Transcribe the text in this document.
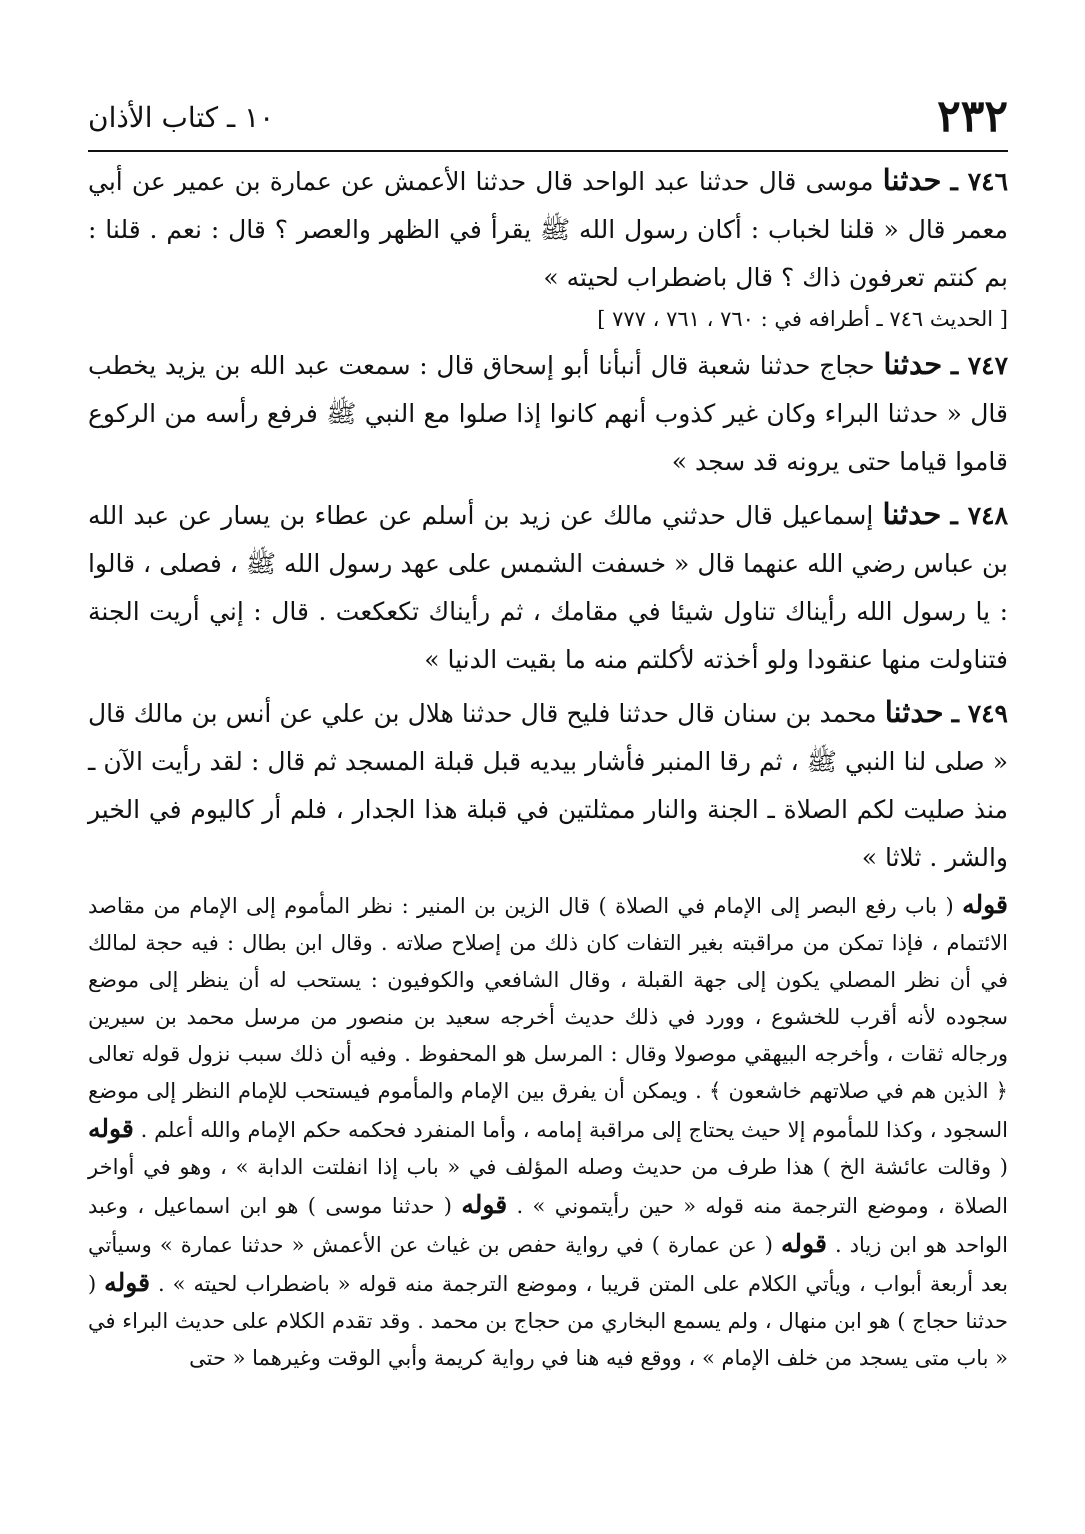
٢٣٢
١٠ ـ كتاب الأذان
٧٤٦ ـ حدثنا موسى قال حدثنا عبد الواحد قال حدثنا الأعمش عن عمارة بن عمير عن أبي معمر قال « قلنا لخباب : أكان رسول الله ﷺ يقرأ في الظهر والعصر ؟ قال : نعم . قلنا : بم كنتم تعرفون ذاك ؟ قال باضطراب لحيته »
[ الحديث ٧٤٦ ـ أطرافه في : ٧٦٠ ، ٧٦١ ، ٧٧٧ ]
٧٤٧ ـ حدثنا حجاج حدثنا شعبة قال أنبأنا أبو إسحاق قال : سمعت عبد الله بن يزيد يخطب قال « حدثنا البراء وكان غير كذوب أنهم كانوا إذا صلوا مع النبي ﷺ فرفع رأسه من الركوع قاموا قياما حتى يرونه قد سجد »
٧٤٨ ـ حدثنا إسماعيل قال حدثني مالك عن زيد بن أسلم عن عطاء بن يسار عن عبد الله بن عباس رضي الله عنهما قال « خسفت الشمس على عهد رسول الله ﷺ ، فصلى ، قالوا : يا رسول الله رأيناك تناول شيئا في مقامك ، ثم رأيناك تكعكعت . قال : إني أريت الجنة فتناولت منها عنقودا ولو أخذته لأكلتم منه ما بقيت الدنيا »
٧٤٩ ـ حدثنا محمد بن سنان قال حدثنا فليح قال حدثنا هلال بن علي عن أنس بن مالك قال « صلى لنا النبي ﷺ ، ثم رقا المنبر فأشار بيديه قبل قبلة المسجد ثم قال : لقد رأيت الآن ـ منذ صليت لكم الصلاة ـ الجنة والنار ممثلتين في قبلة هذا الجدار ، فلم أر كاليوم في الخير والشر . ثلاثا »
قوله ( باب رفع البصر إلى الإمام في الصلاة ) قال الزين بن المنير : نظر المأموم إلى الإمام من مقاصد الائتمام ، فإذا تمكن من مراقبته بغير التفات كان ذلك من إصلاح صلاته . وقال ابن بطال : فيه حجة لمالك في أن نظر المصلي يكون إلى جهة القبلة ، وقال الشافعي والكوفيون : يستحب له أن ينظر إلى موضع سجوده لأنه أقرب للخشوع ، وورد في ذلك حديث أخرجه سعيد بن منصور من مرسل محمد بن سيرين ورجاله ثقات ، وأخرجه البيهقي موصولا وقال : المرسل هو المحفوظ . وفيه أن ذلك سبب نزول قوله تعالى ﴿ الذين هم في صلاتهم خاشعون ﴾ . ويمكن أن يفرق بين الإمام والمأموم فيستحب للإمام النظر إلى موضع السجود ، وكذا للمأموم إلا حيث يحتاج إلى مراقبة إمامه ، وأما المنفرد فحكمه حكم الإمام والله أعلم . قوله ( وقالت عائشة الخ ) هذا طرف من حديث وصله المؤلف في « باب إذا انفلتت الدابة » ، وهو في أواخر الصلاة ، وموضع الترجمة منه قوله « حين رأيتموني » . قوله ( حدثنا موسى ) هو ابن اسماعيل ، وعبد الواحد هو ابن زياد . قوله ( عن عمارة ) في رواية حفص بن غياث عن الأعمش « حدثنا عمارة » وسيأتي بعد أربعة أبواب ، ويأتي الكلام على المتن قريبا ، وموضع الترجمة منه قوله « باضطراب لحيته » . قوله ( حدثنا حجاج ) هو ابن منهال ، ولم يسمع البخاري من حجاج بن محمد . وقد تقدم الكلام على حديث البراء في « باب متى يسجد من خلف الإمام » ، ووقع فيه هنا في رواية كريمة وأبي الوقت وغيرهما « حتى
